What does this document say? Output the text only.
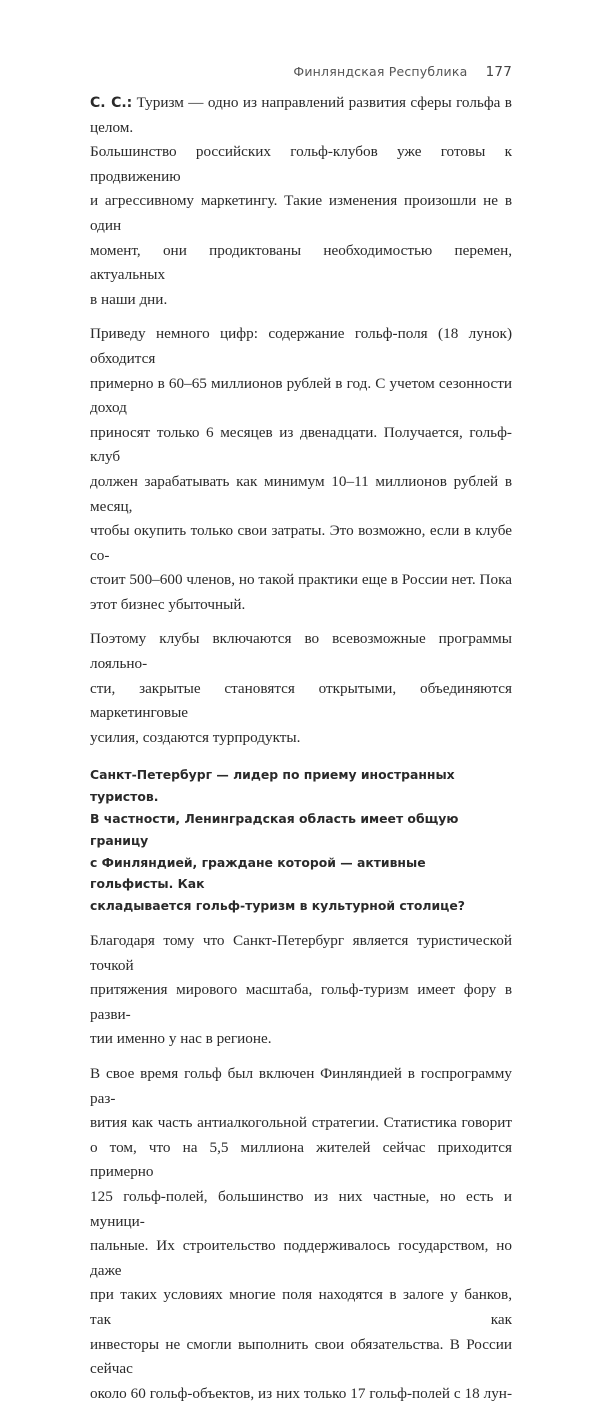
Финляндская Республика 177

С. С.: Туризм — одно из направлений развития сферы гольфа в целом.
Большинство российских гольф-клубов уже готовы к продвижению
и агрессивному маркетингу. Такие изменения произошли не в один
момент, они продиктованы необходимостью перемен, актуальных
в наши дни.

Приведу немного цифр: содержание гольф-поля (18 лунок) обходится
примерно в 60–65 миллионов рублей в год. С учетом сезонности доход
приносят только 6 месяцев из двенадцати. Получается, гольф-клуб
должен зарабатывать как минимум 10–11 миллионов рублей в месяц,
чтобы окупить только свои затраты. Это возможно, если в клубе со-
стоит 500–600 членов, но такой практики еще в России нет. Пока
этот бизнес убыточный.

Поэтому клубы включаются во всевозможные программы лояльно-
сти, закрытые становятся открытыми, объединяются маркетинговые
усилия, создаются турпродукты.

Санкт-Петербург — лидер по приему иностранных туристов.
В частности, Ленинградская область имеет общую границу
с Финляндией, граждане которой — активные гольфисты. Как
складывается гольф-туризм в культурной столице?

Благодаря тому что Санкт-Петербург является туристической точкой
притяжения мирового масштаба, гольф-туризм имеет фору в разви-
тии именно у нас в регионе.

В свое время гольф был включен Финляндией в госпрограмму раз-
вития как часть антиалкогольной стратегии. Статистика говорит
о том, что на 5,5 миллиона жителей сейчас приходится примерно
125 гольф-полей, большинство из них частные, но есть и муници-
пальные. Их строительство поддерживалось государством, но даже
при таких условиях многие поля находятся в залоге у банков, так как
инвесторы не смогли выполнить свои обязательства. В России сейчас
около 60 гольф-объектов, из них только 17 гольф-полей с 18 лун-
